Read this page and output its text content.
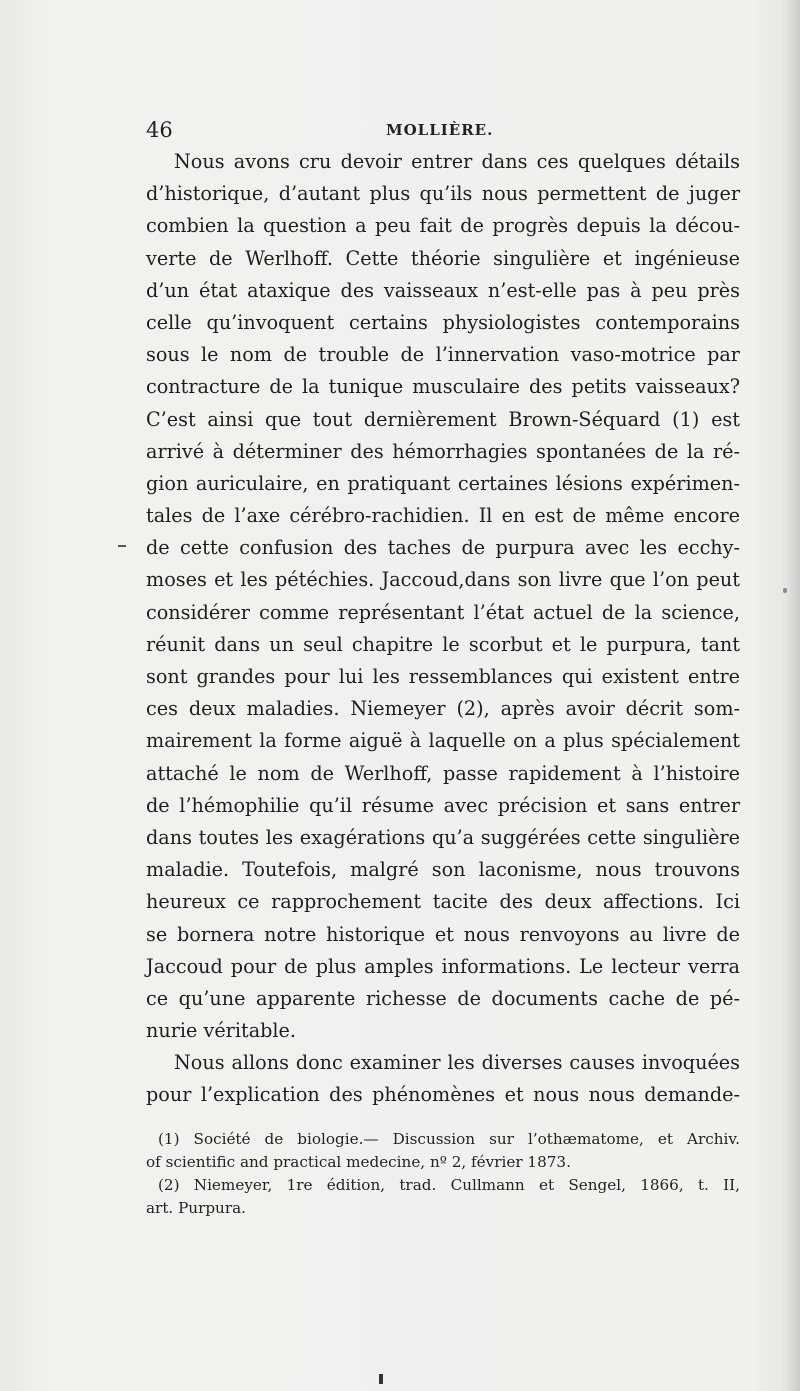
46	MOLLIÈRE.
Nous avons cru devoir entrer dans ces quelques détails
d’historique, d’autant plus qu’ils nous permettent de juger
combien la question a peu fait de progrès depuis la décou-
verte de Werlhoff. Cette théorie singulière et ingénieuse
d’un état ataxique des vaisseaux n’est-elle pas à peu près
celle qu’invoquent certains physiologistes contemporains
sous le nom de trouble de l’innervation vaso-motrice par
contracture de la tunique musculaire des petits vaisseaux?
C’est ainsi que tout dernièrement Brown-Séquard (1) est
arrivé à déterminer des hémorrhagies spontanées de la ré-
gion auriculaire, en pratiquant certaines lésions expérimen-
tales de l’axe cérébro-rachidien. Il en est de même encore
de cette confusion des taches de purpura avec les ecchy-
moses et les pétéchies. Jaccoud,dans son livre que l’on peut
considérer comme représentant l’état actuel de la science,
réunit dans un seul chapitre le scorbut et le purpura, tant
sont grandes pour lui les ressemblances qui existent entre
ces deux maladies. Niemeyer (2), après avoir décrit som-
mairement la forme aiguë à laquelle on a plus spécialement
attaché le nom de Werlhoff, passe rapidement à l’histoire
de l’hémophilie qu’il résume avec précision et sans entrer
dans toutes les exagérations qu’a suggérées cette singulière
maladie. Toutefois, malgré son laconisme, nous trouvons
heureux ce rapprochement tacite des deux affections. Ici
se bornera notre historique et nous renvoyons au livre de
Jaccoud pour de plus amples informations. Le lecteur verra
ce qu’une apparente richesse de documents cache de pé-
nurie véritable.
Nous allons donc examiner les diverses causes invoquées
pour l’explication des phénomènes et nous nous demande-
(1) Société de biologie.— Discussion sur l’othæmatome, et Archiv.
of scientific and practical medecine, nº 2, février 1873.
(2) Niemeyer, 1re édition, trad. Cullmann et Sengel, 1866, t. II,
art. Purpura.
